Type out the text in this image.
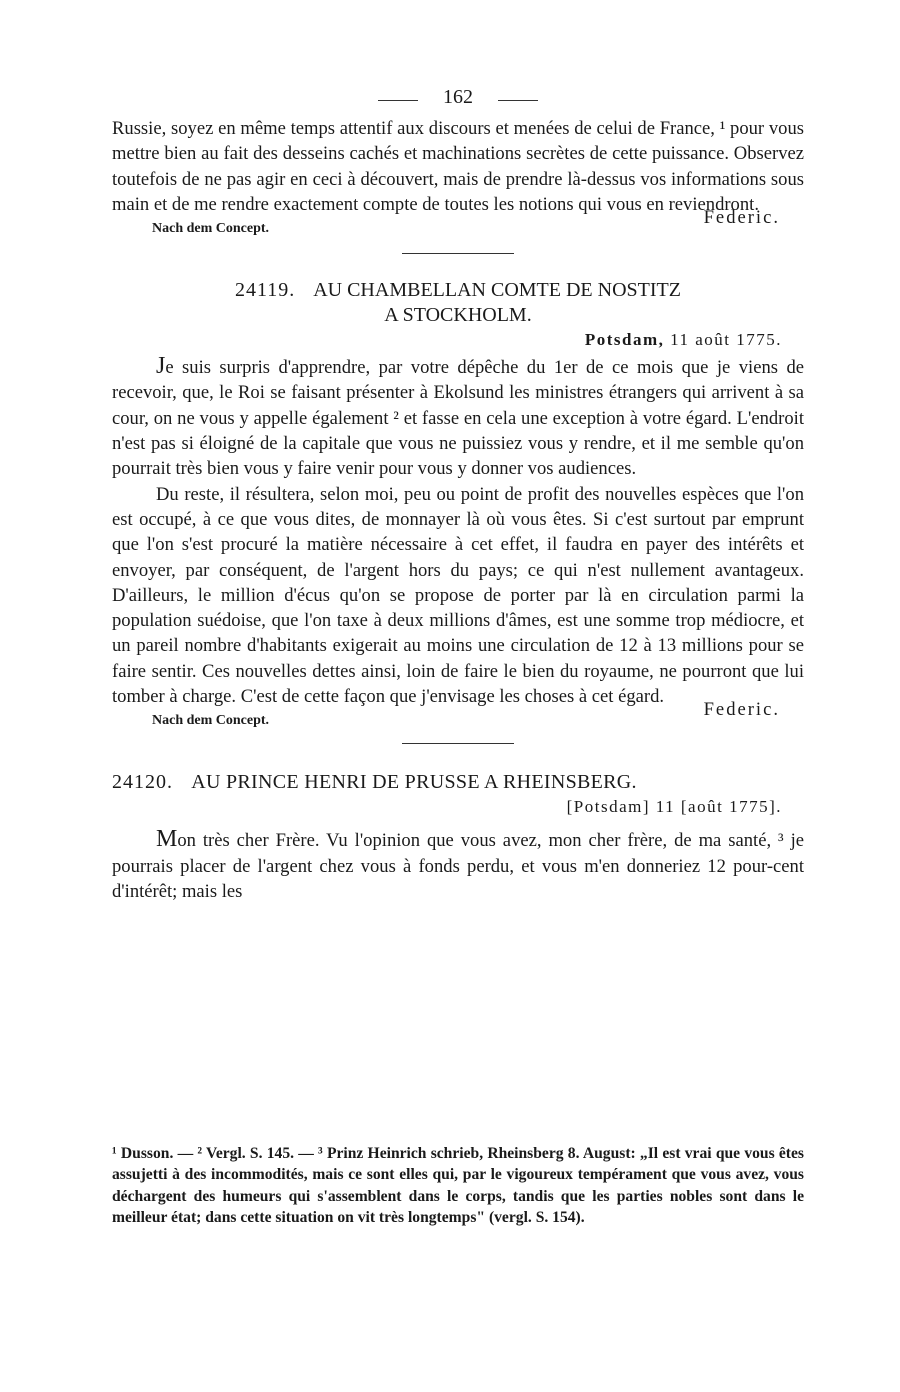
162

Russie, soyez en même temps attentif aux discours et menées de celui de France, ¹ pour vous mettre bien au fait des desseins cachés et machinations secrètes de cette puissance. Observez toutefois de ne pas agir en ceci à découvert, mais de prendre là-dessus vos informations sous main et de me rendre exactement compte de toutes les notions qui vous en reviendront.

Nach dem Concept.
Federic.
24119. AU CHAMBELLAN COMTE DE NOSTITZ
A STOCKHOLM.
Potsdam, 11 août 1775.

Je suis surpris d'apprendre, par votre dépêche du 1er de ce mois que je viens de recevoir, que, le Roi se faisant présenter à Ekolsund les ministres étrangers qui arrivent à sa cour, on ne vous y appelle également ² et fasse en cela une exception à votre égard. L'endroit n'est pas si éloigné de la capitale que vous ne puissiez vous y rendre, et il me semble qu'on pourrait très bien vous y faire venir pour vous y donner vos audiences.

Du reste, il résultera, selon moi, peu ou point de profit des nouvelles espèces que l'on est occupé, à ce que vous dites, de monnayer là où vous êtes. Si c'est surtout par emprunt que l'on s'est procuré la matière nécessaire à cet effet, il faudra en payer des intérêts et envoyer, par conséquent, de l'argent hors du pays; ce qui n'est nullement avantageux. D'ailleurs, le million d'écus qu'on se propose de porter par là en circulation parmi la population suédoise, que l'on taxe à deux millions d'âmes, est une somme trop médiocre, et un pareil nombre d'habitants exigerait au moins une circulation de 12 à 13 millions pour se faire sentir. Ces nouvelles dettes ainsi, loin de faire le bien du royaume, ne pourront que lui tomber à charge. C'est de cette façon que j'envisage les choses à cet égard.

Nach dem Concept.
Federic.
24120. AU PRINCE HENRI DE PRUSSE A RHEINSBERG.
[Potsdam] 11 [août 1775].

Mon très cher Frère. Vu l'opinion que vous avez, mon cher frère, de ma santé, ³ je pourrais placer de l'argent chez vous à fonds perdu, et vous m'en donneriez 12 pour-cent d'intérêt; mais les

¹ Dusson. — ² Vergl. S. 145. — ³ Prinz Heinrich schrieb, Rheinsberg 8. August: „Il est vrai que vous êtes assujetti à des incommodités, mais ce sont elles qui, par le vigoureux tempérament que vous avez, vous déchargent des humeurs qui s'assemblent dans le corps, tandis que les parties nobles sont dans le meilleur état; dans cette situation on vit très longtemps" (vergl. S. 154).
